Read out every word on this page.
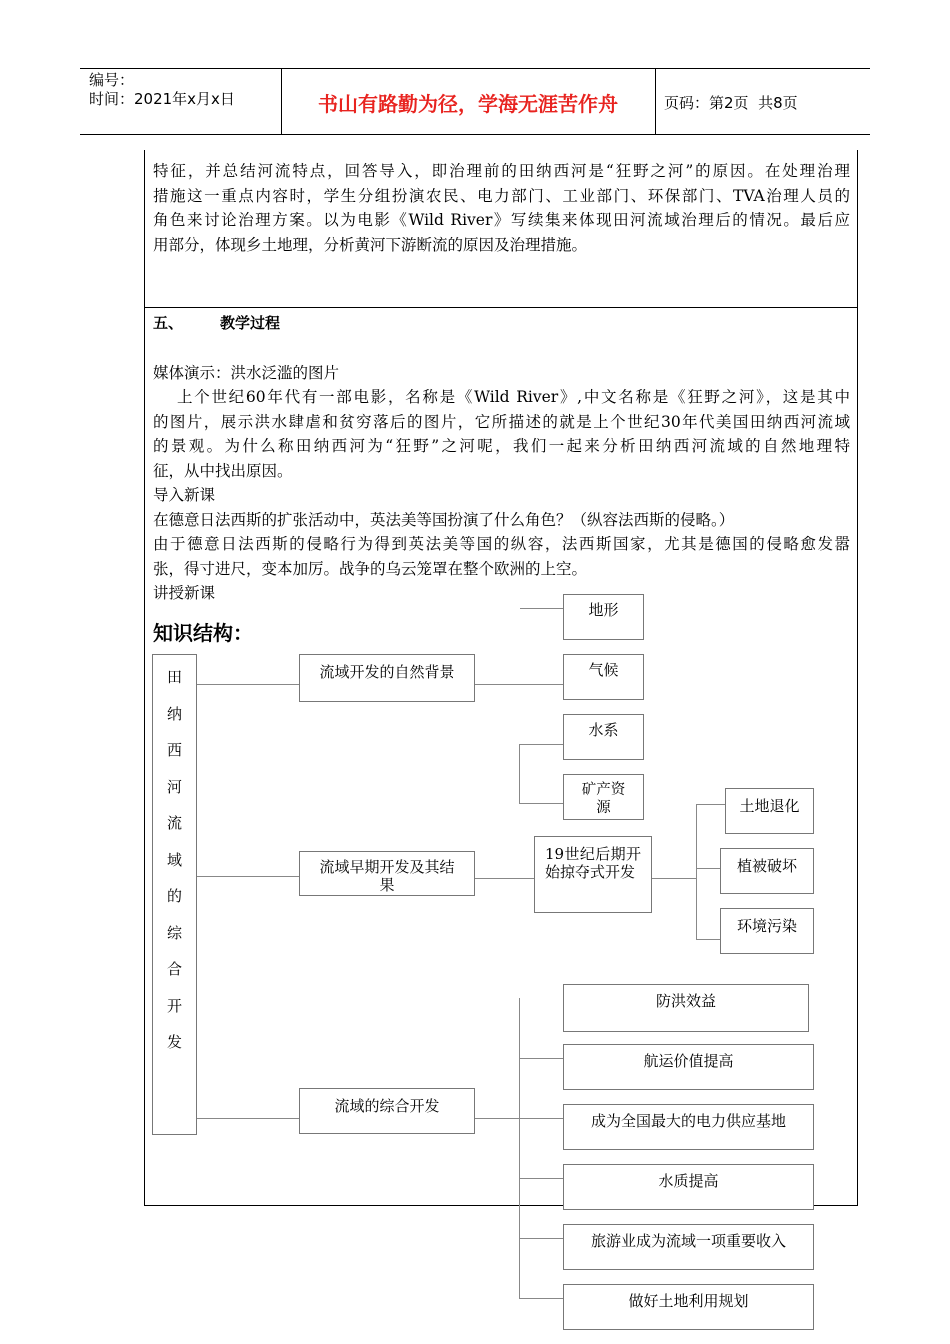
编号：
时间：2021年x月x日	书山有路勤为径，学海无涯苦作舟	页码：第2页  共8页
特征，并总结河流特点，回答导入，即治理前的田纳西河是“狂野之河”的原因。在处理治理
措施这一重点内容时，学生分组扮演农民、电力部门、工业部门、环保部门、TVA治理人员的
角色来讨论治理方案。以为电影《Wild River》写续集来体现田河流域治理后的情况。最后应
用部分，体现乡土地理，分析黄河下游断流的原因及治理措施。
五、 教学过程
媒体演示：洪水泛滥的图片
上个世纪60年代有一部电影，名称是《Wild River》,中文名称是《狂野之河》，这是其中
的图片，展示洪水肆虐和贫穷落后的图片，它所描述的就是上个世纪30年代美国田纳西河流域
的景观。为什么称田纳西河为“狂野”之河呢，我们一起来分析田纳西河流域的自然地理特
征，从中找出原因。
导入新课
在德意日法西斯的扩张活动中，英法美等国扮演了什么角色？（纵容法西斯的侵略。）
由于德意日法西斯的侵略行为得到英法美等国的纵容，法西斯国家，尤其是德国的侵略愈发嚣
张，得寸进尺，变本加厉。战争的乌云笼罩在整个欧洲的上空。
讲授新课
知识结构：
田
纳
西
河
流
域
的
综
合
开
发
流域开发的自然背景
流域早期开发及其结果
流域的综合开发
地形
气候
水系
矿产资源
19世纪后期开始掠夺式开发
土地退化
植被破坏
环境污染
防洪效益
航运价值提高
成为全国最大的电力供应基地
水质提高
旅游业成为流域一项重要收入
做好土地利用规划
